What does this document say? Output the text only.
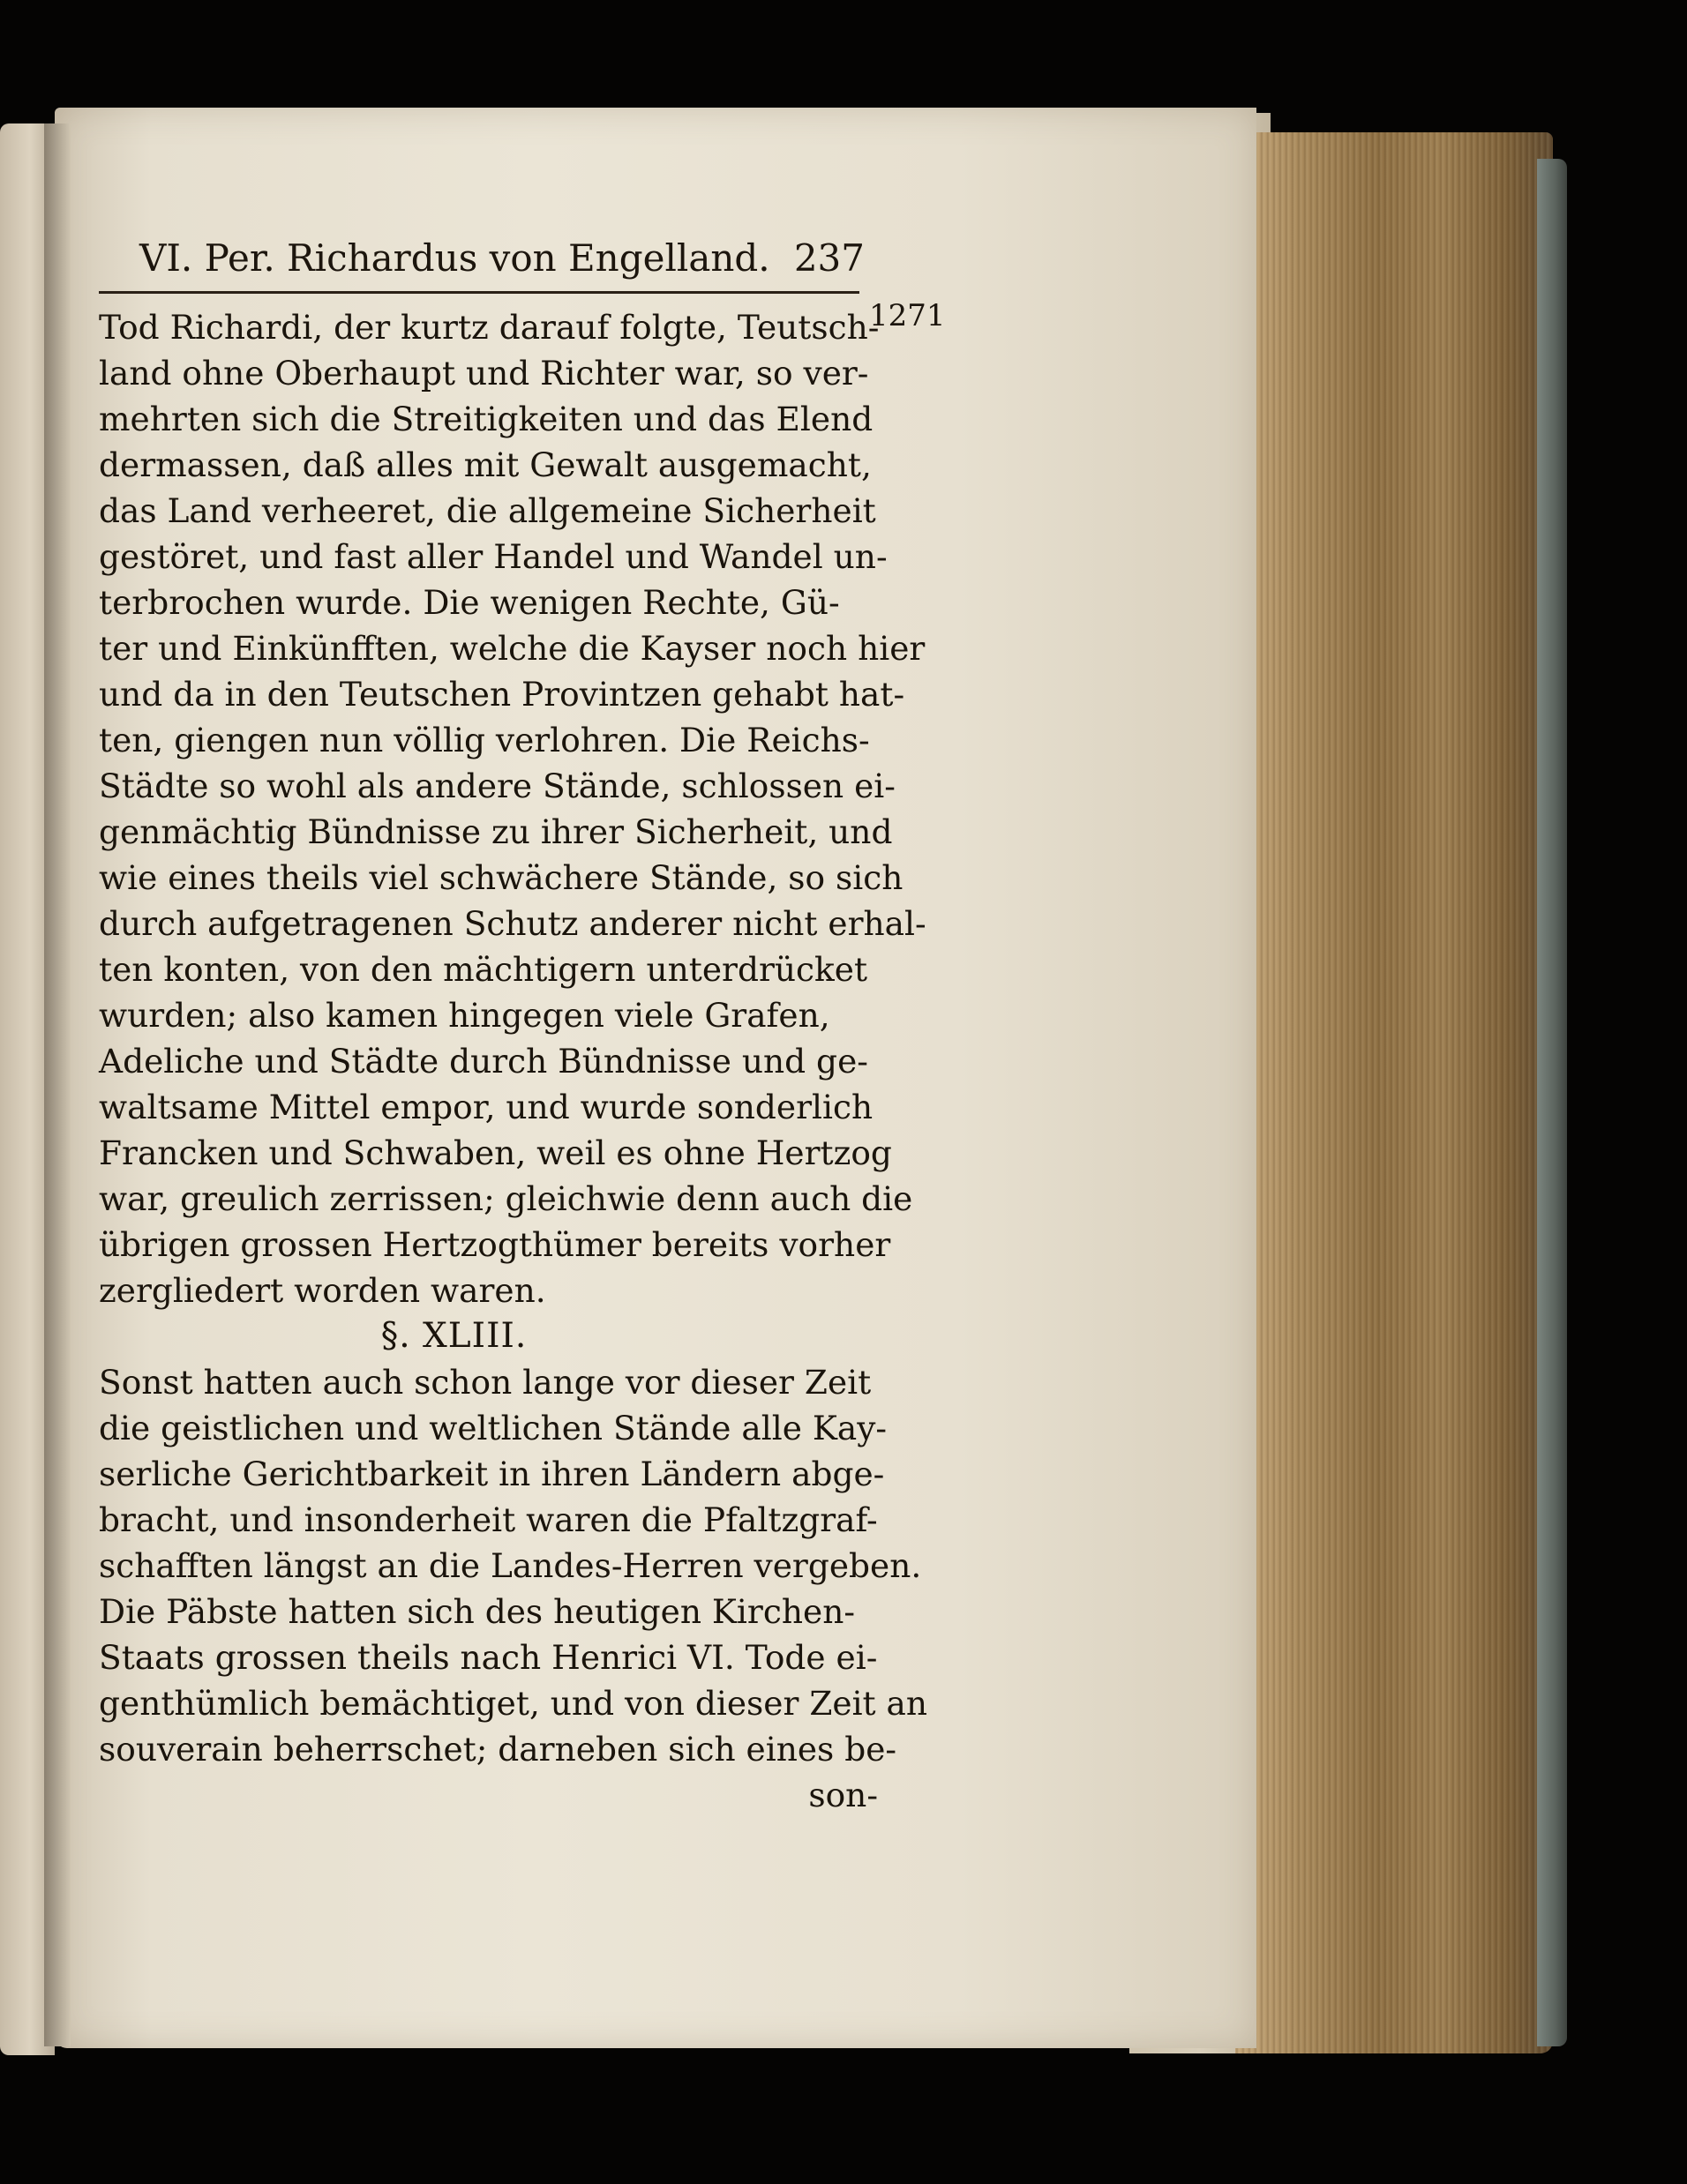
VI. Per. Richardus von Engelland. 237
1271
Tod Richardi, der kurtz darauf folgte, Teutsch-
land ohne Oberhaupt und Richter war, so ver-
mehrten sich die Streitigkeiten und das Elend
dermassen, daß alles mit Gewalt ausgemacht,
das Land verheeret, die allgemeine Sicherheit
gestöret, und fast aller Handel und Wandel un-
terbrochen wurde. Die wenigen Rechte, Gü-
ter und Einkünfften, welche die Kayser noch hier
und da in den Teutschen Provintzen gehabt hat-
ten, giengen nun völlig verlohren. Die Reichs-
Städte so wohl als andere Stände, schlossen ei-
genmächtig Bündnisse zu ihrer Sicherheit, und
wie eines theils viel schwächere Stände, so sich
durch aufgetragenen Schutz anderer nicht erhal-
ten konten, von den mächtigern unterdrücket
wurden; also kamen hingegen viele Grafen,
Adeliche und Städte durch Bündnisse und ge-
waltsame Mittel empor, und wurde sonderlich
Francken und Schwaben, weil es ohne Hertzog
war, greulich zerrissen; gleichwie denn auch die
übrigen grossen Hertzogthümer bereits vorher
zergliedert worden waren.
§. XLIII.
Sonst hatten auch schon lange vor dieser Zeit
die geistlichen und weltlichen Stände alle Kay-
serliche Gerichtbarkeit in ihren Ländern abge-
bracht, und insonderheit waren die Pfaltzgraf-
schafften längst an die Landes-Herren vergeben.
Die Päbste hatten sich des heutigen Kirchen-
Staats grossen theils nach Henrici VI. Tode ei-
genthümlich bemächtiget, und von dieser Zeit an
souverain beherrschet; darneben sich eines be-
son-
